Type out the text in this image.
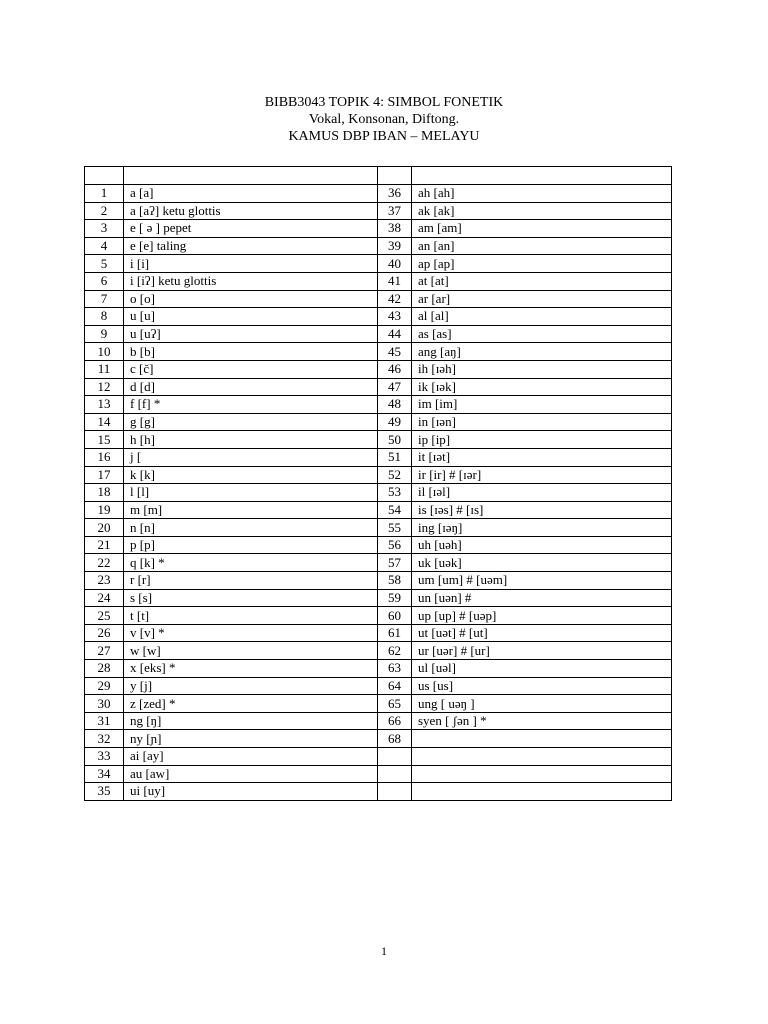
BIBB3043 TOPIK 4: SIMBOL FONETIK
Vokal, Konsonan, Diftong.
KAMUS DBP IBAN – MELAYU

1	a [a]	36	ah [ah]
2	a [aʔ] ketu glottis	37	ak [ak]
3	e [ ə ] pepet	38	am [am]
4	e [e] taling	39	an [an]
5	i [i]	40	ap [ap]
6	i [iʔ] ketu glottis	41	at [at]
7	o [o]	42	ar [ar]
8	u [u]	43	al [al]
9	u [uʔ]	44	as [as]
10	b [b]	45	ang [aŋ]
11	c [č]	46	ih [ɪəh]
12	d [d]	47	ik [ɪək]
13	f [f] *	48	im [im]
14	g [g]	49	in [ɪən]
15	h [h]	50	ip [ip]
16	j [	51	it [ɪət]
17	k [k]	52	ir [ir] # [ɪər]
18	l [l]	53	il [ɪəl]
19	m [m]	54	is [ɪəs] # [ɪs]
20	n [n]	55	ing [ɪəŋ]
21	p [p]	56	uh [uəh]
22	q [k] *	57	uk [uək]
23	r [r]	58	um [um] # [uəm]
24	s [s]	59	un [uən] #
25	t [t]	60	up [up] # [uəp]
26	v [v] *	61	ut [uət] # [ut]
27	w [w]	62	ur [uər] # [ur]
28	x [eks] *	63	ul [uəl]
29	y [j]	64	us [us]
30	z [zed] *	65	ung [ uəŋ ]
31	ng [ŋ]	66	syen [ ʃən ] *
32	ny [ɲ]	68	
33	ai [ay]		
34	au [aw]		
35	ui [uy]		
1
